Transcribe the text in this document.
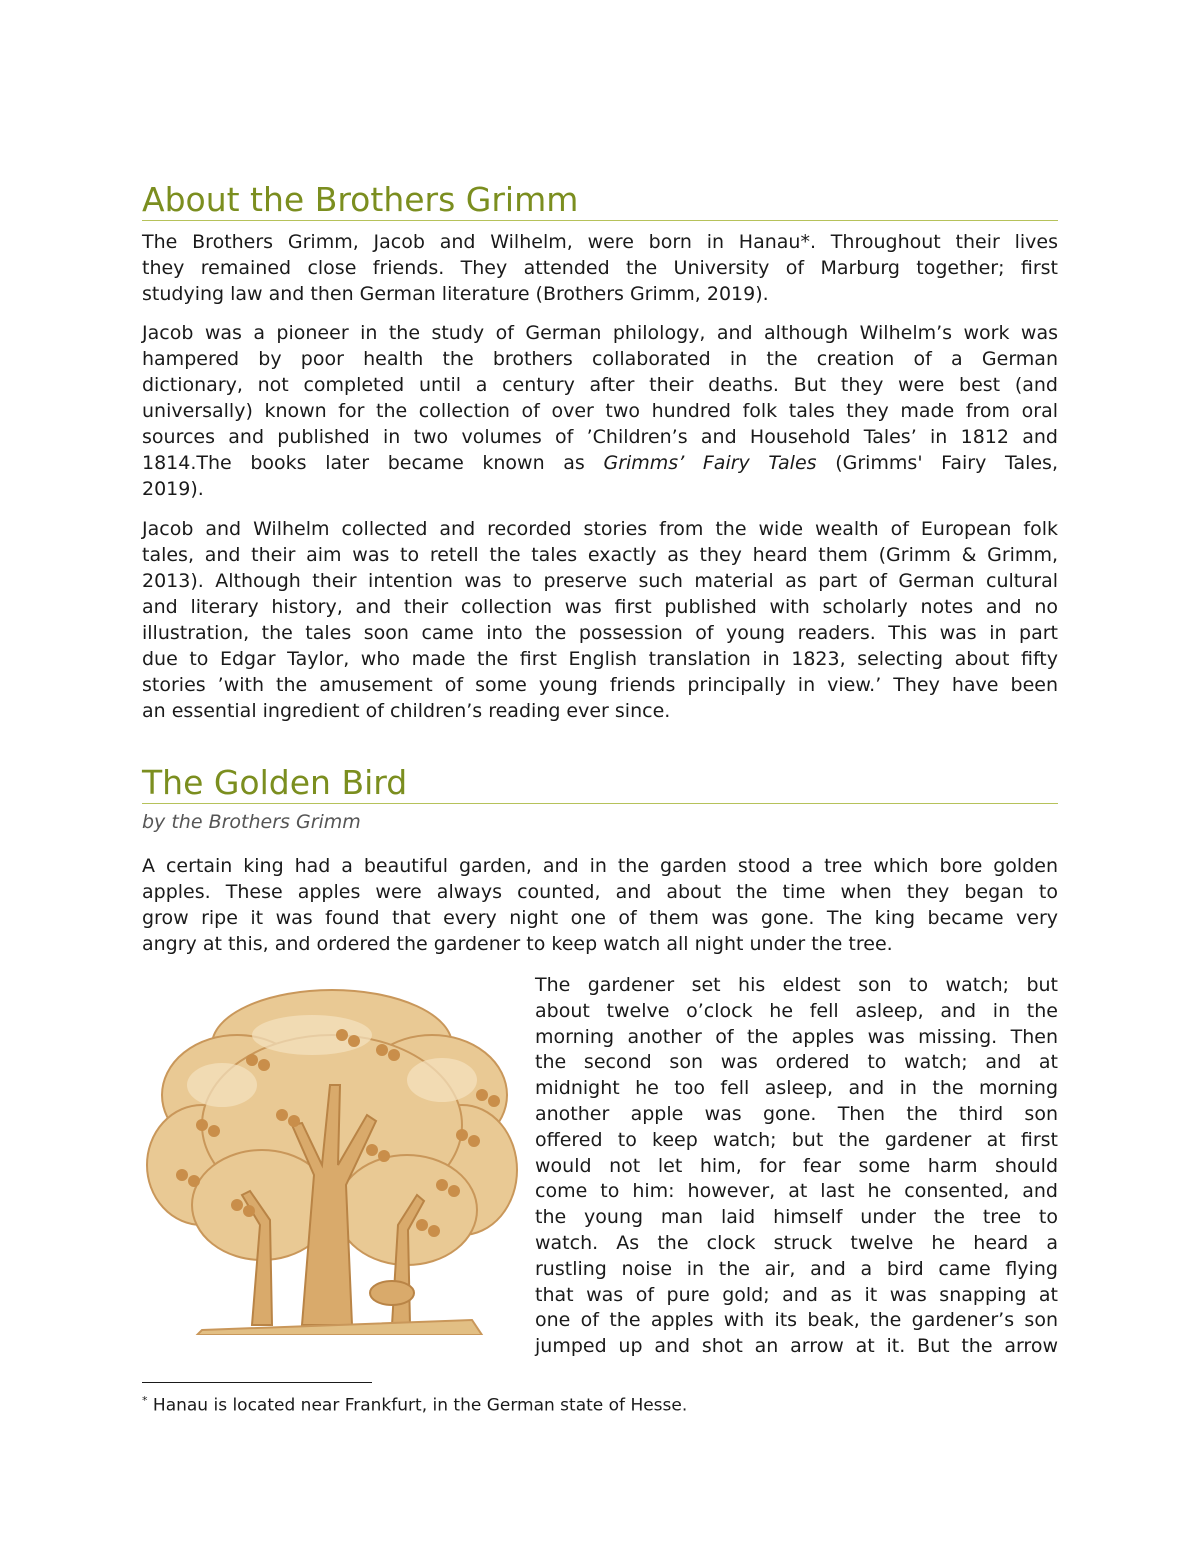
About the Brothers Grimm
The Brothers Grimm, Jacob and Wilhelm, were born in Hanau*. Throughout their lives
they remained close friends. They attended the University of Marburg together; first
studying law and then German literature (Brothers Grimm, 2019).
Jacob was a pioneer in the study of German philology, and although Wilhelm’s work was
hampered by poor health the brothers collaborated in the creation of a German
dictionary, not completed until a century after their deaths. But they were best (and
universally) known for the collection of over two hundred folk tales they made from oral
sources and published in two volumes of ’Children’s and Household Tales’ in 1812 and
1814.The books later became known as Grimms’ Fairy Tales (Grimms' Fairy Tales,
2019).
Jacob and Wilhelm collected and recorded stories from the wide wealth of European folk
tales, and their aim was to retell the tales exactly as they heard them (Grimm & Grimm,
2013). Although their intention was to preserve such material as part of German cultural
and literary history, and their collection was first published with scholarly notes and no
illustration, the tales soon came into the possession of young readers. This was in part
due to Edgar Taylor, who made the first English translation in 1823, selecting about fifty
stories ’with the amusement of some young friends principally in view.’ They have been
an essential ingredient of children’s reading ever since.
The Golden Bird
by the Brothers Grimm
A certain king had a beautiful garden, and in the garden stood a tree which bore golden
apples. These apples were always counted, and about the time when they began to
grow ripe it was found that every night one of them was gone. The king became very
angry at this, and ordered the gardener to keep watch all night under the tree.
The gardener set his eldest son to watch; but
about twelve o’clock he fell asleep, and in the
morning another of the apples was missing. Then
the second son was ordered to watch; and at
midnight he too fell asleep, and in the morning
another apple was gone. Then the third son
offered to keep watch; but the gardener at first
would not let him, for fear some harm should
come to him: however, at last he consented, and
the young man laid himself under the tree to
watch. As the clock struck twelve he heard a
rustling noise in the air, and a bird came flying
that was of pure gold; and as it was snapping at
one of the apples with its beak, the gardener’s son
jumped up and shot an arrow at it. But the arrow
* Hanau is located near Frankfurt, in the German state of Hesse.
